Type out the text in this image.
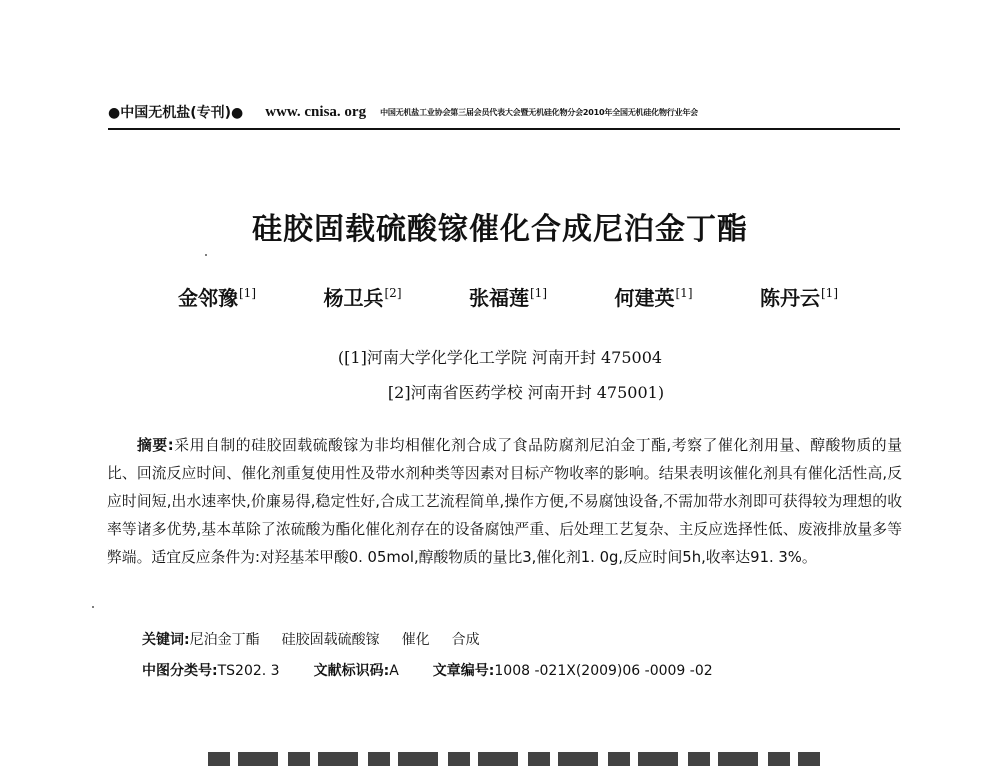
●中国无机盐(专刊)● www. cnisa. org 中国无机盐工业协会第三届会员代表大会暨无机硅化物分会2010年全国无机硅化物行业年会
硅胶固载硫酸镓催化合成尼泊金丁酯
金邻豫[1]	杨卫兵[2]	张福莲[1]	何建英[1]	陈丹云[1]
([1]河南大学化学化工学院 河南开封 475004
[2]河南省医药学校 河南开封 475001)
摘要:采用自制的硅胶固载硫酸镓为非均相催化剂合成了食品防腐剂尼泊金丁酯,考察了催化剂用量、醇酸物质的量比、回流反应时间、催化剂重复使用性及带水剂种类等因素对目标产物收率的影响。结果表明该催化剂具有催化活性高,反应时间短,出水速率快,价廉易得,稳定性好,合成工艺流程简单,操作方便,不易腐蚀设备,不需加带水剂即可获得较为理想的收率等诸多优势,基本革除了浓硫酸为酯化催化剂存在的设备腐蚀严重、后处理工艺复杂、主反应选择性低、废液排放量多等弊端。适宜反应条件为:对羟基苯甲酸0. 05mol,醇酸物质的量比3,催化剂1. 0g,反应时间5h,收率达91. 3%。
关键词:尼泊金丁酯 硅胶固载硫酸镓 催化 合成
中图分类号:TS202. 3 文献标识码:A 文章编号:1008 -021X(2009)06 -0009 -02
